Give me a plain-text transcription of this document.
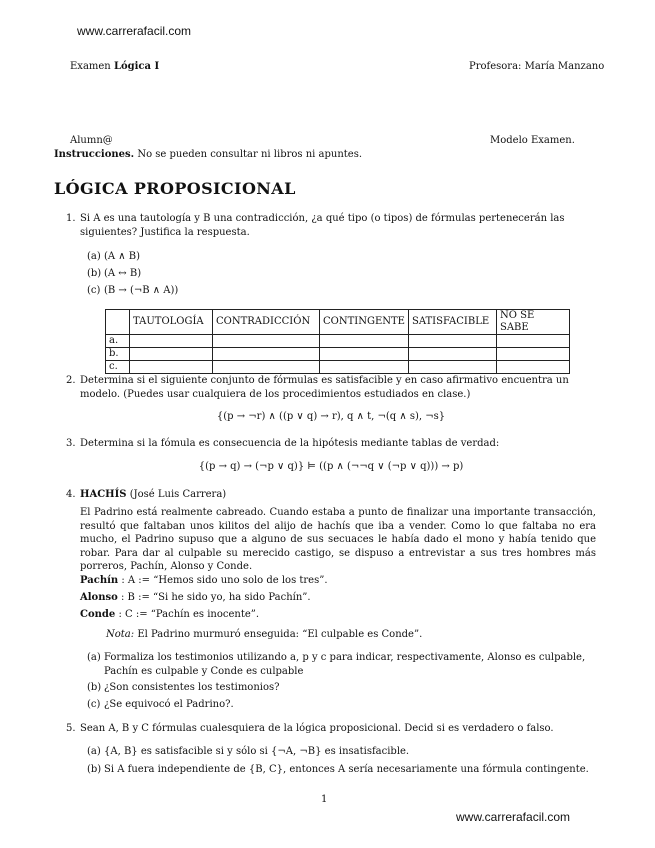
www.carrerafacil.com
Examen Lógica I	Profesora: María Manzano
Alumn@	Modelo Examen.
Instrucciones. No se pueden consultar ni libros ni apuntes.
LÓGICA PROPOSICIONAL
1. Si A es una tautología y B una contradicción, ¿a qué tipo (o tipos) de fórmulas pertenecerán las siguientes? Justifica la respuesta.
(a) (A ∧ B)
(b) (A ↔ B)
(c) (B → (¬B ∧ A))
	TAUTOLOGÍA	CONTRADICCIÓN	CONTINGENTE	SATISFACIBLE	NO SE SABE
a.					
b.					
c.					
2. Determina si el siguiente conjunto de fórmulas es satisfacible y en caso afirmativo encuentra un modelo. (Puedes usar cualquiera de los procedimientos estudiados en clase.)
{(p → ¬r) ∧ ((p ∨ q) → r), q ∧ t, ¬(q ∧ s), ¬s}
3. Determina si la fómula es consecuencia de la hipótesis mediante tablas de verdad:
{(p → q) → (¬p ∨ q)} ⊨ ((p ∧ (¬¬q ∨ (¬p ∨ q))) → p)
4. HACHÍS (José Luis Carrera)
El Padrino está realmente cabreado. Cuando estaba a punto de finalizar una importante transacción, resultó que faltaban unos kilitos del alijo de hachís que iba a vender. Como lo que faltaba no era mucho, el Padrino supuso que a alguno de sus secuaces le había dado el mono y había tenido que robar. Para dar al culpable su merecido castigo, se dispuso a entrevistar a sus tres hombres más porreros, Pachín, Alonso y Conde.
Pachín : A := “Hemos sido uno solo de los tres”.
Alonso : B := “Si he sido yo, ha sido Pachín”.
Conde : C := “Pachín es inocente”.
Nota: El Padrino murmuró enseguida: “El culpable es Conde”.
(a) Formaliza los testimonios utilizando a, p y c para indicar, respectivamente, Alonso es culpable, Pachín es culpable y Conde es culpable
(b) ¿Son consistentes los testimonios?
(c) ¿Se equivocó el Padrino?.
5. Sean A, B y C fórmulas cualesquiera de la lógica proposicional. Decid si es verdadero o falso.
(a) {A, B} es satisfacible si y sólo si {¬A, ¬B} es insatisfacible.
(b) Si A fuera independiente de {B, C}, entonces A sería necesariamente una fórmula contingente.
1
www.carrerafacil.com
